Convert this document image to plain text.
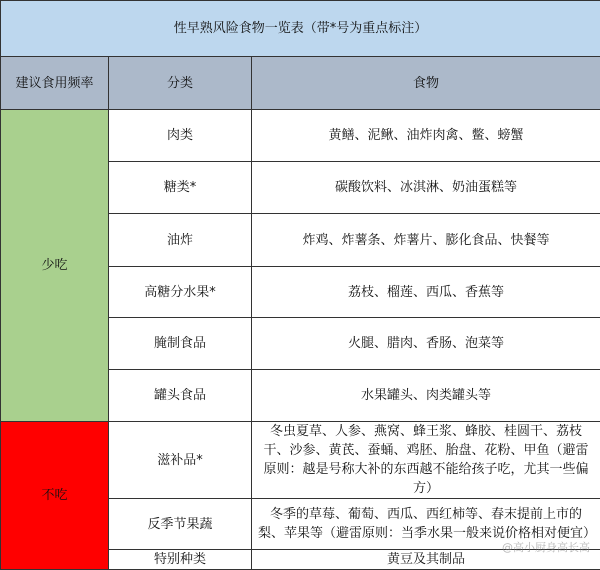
性早熟风险食物一览表（带*号为重点标注）		
建议食用频率	分类	食物
少吃	肉类	黄鳝、泥鳅、油炸肉禽、鳖、螃蟹
	糖类*	碳酸饮料、冰淇淋、奶油蛋糕等
	油炸	炸鸡、炸薯条、炸薯片、膨化食品、快餐等
	高糖分水果*	荔枝、榴莲、西瓜、香蕉等
	腌制食品	火腿、腊肉、香肠、泡菜等
	罐头食品	水果罐头、肉类罐头等
不吃	滋补品*	冬虫夏草、人参、燕窝、蜂王浆、蜂胶、桂圆干、荔枝干、沙参、黄芪、蚕蛹、鸡胚、胎盘、花粉、甲鱼（避雷原则：越是号称大补的东西越不能给孩子吃，尤其一些偏方）
	反季节果蔬	冬季的草莓、葡萄、西瓜、西红柿等、春末提前上市的梨、苹果等（避雷原则：当季水果一般来说价格相对便宜）
	特别种类	黄豆及其制品
@高小厨身高长高
